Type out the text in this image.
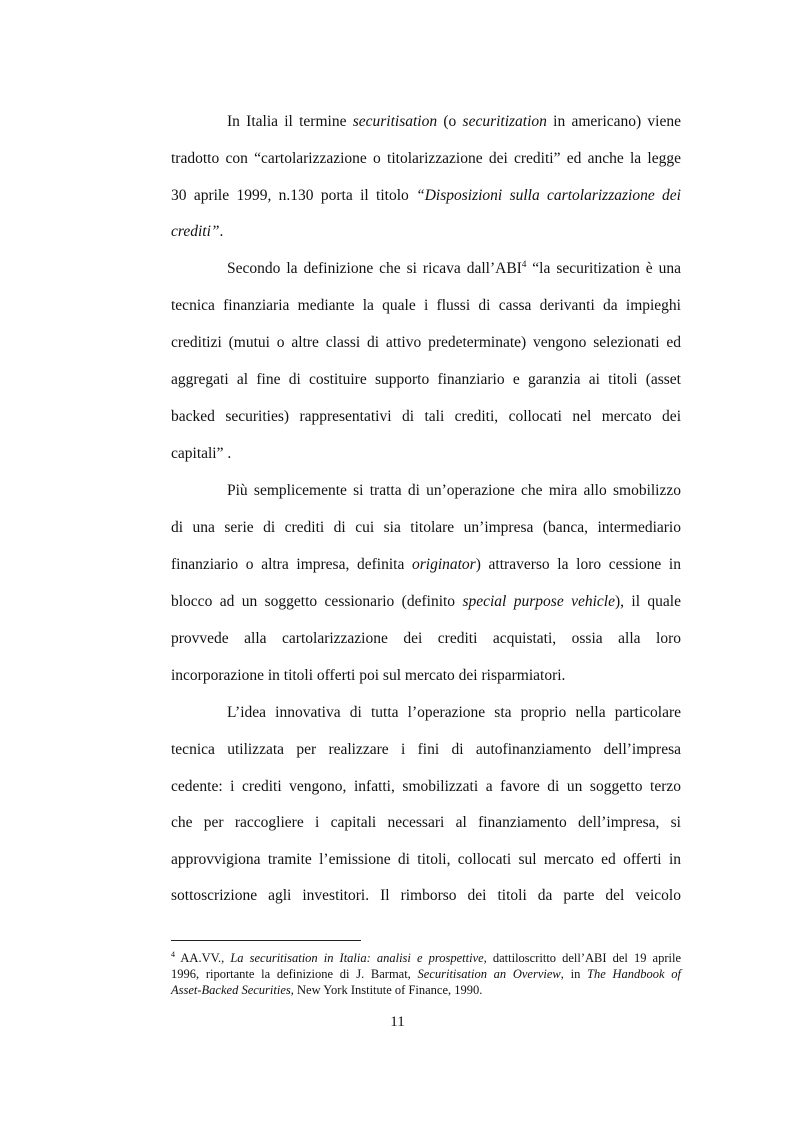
In Italia il termine securitisation (o securitization in americano) viene
tradotto con “cartolarizzazione o titolarizzazione dei crediti” ed anche la legge
30 aprile 1999, n.130 porta il titolo “Disposizioni sulla cartolarizzazione dei
crediti”.
Secondo la definizione che si ricava dall’ABI$^4$ “la securitization è una
tecnica finanziaria mediante la quale i flussi di cassa derivanti da impieghi
creditizi (mutui o altre classi di attivo predeterminate) vengono selezionati ed
aggregati al fine di costituire supporto finanziario e garanzia ai titoli (asset
backed securities) rappresentativi di tali crediti, collocati nel mercato dei
capitali” .
Più semplicemente si tratta di un’operazione che mira allo smobilizzo
di una serie di crediti di cui sia titolare un’impresa (banca, intermediario
finanziario o altra impresa, definita originator) attraverso la loro cessione in
blocco ad un soggetto cessionario (definito special purpose vehicle), il quale
provvede alla cartolarizzazione dei crediti acquistati, ossia alla loro
incorporazione in titoli offerti poi sul mercato dei risparmiatori.
L’idea innovativa di tutta l’operazione sta proprio nella particolare
tecnica utilizzata per realizzare i fini di autofinanziamento dell’impresa
cedente: i crediti vengono, infatti, smobilizzati a favore di un soggetto terzo
che per raccogliere i capitali necessari al finanziamento dell’impresa, si
approvvigiona tramite l’emissione di titoli, collocati sul mercato ed offerti in
sottoscrizione agli investitori. Il rimborso dei titoli da parte del veicolo
$^4$ AA.VV., La securitisation in Italia: analisi e prospettive, dattiloscritto dell’ABI del 19 aprile
1996, riportante la definizione di J. Barmat, Securitisation an Overview, in The Handbook of
Asset-Backed Securities, New York Institute of Finance, 1990.
11
